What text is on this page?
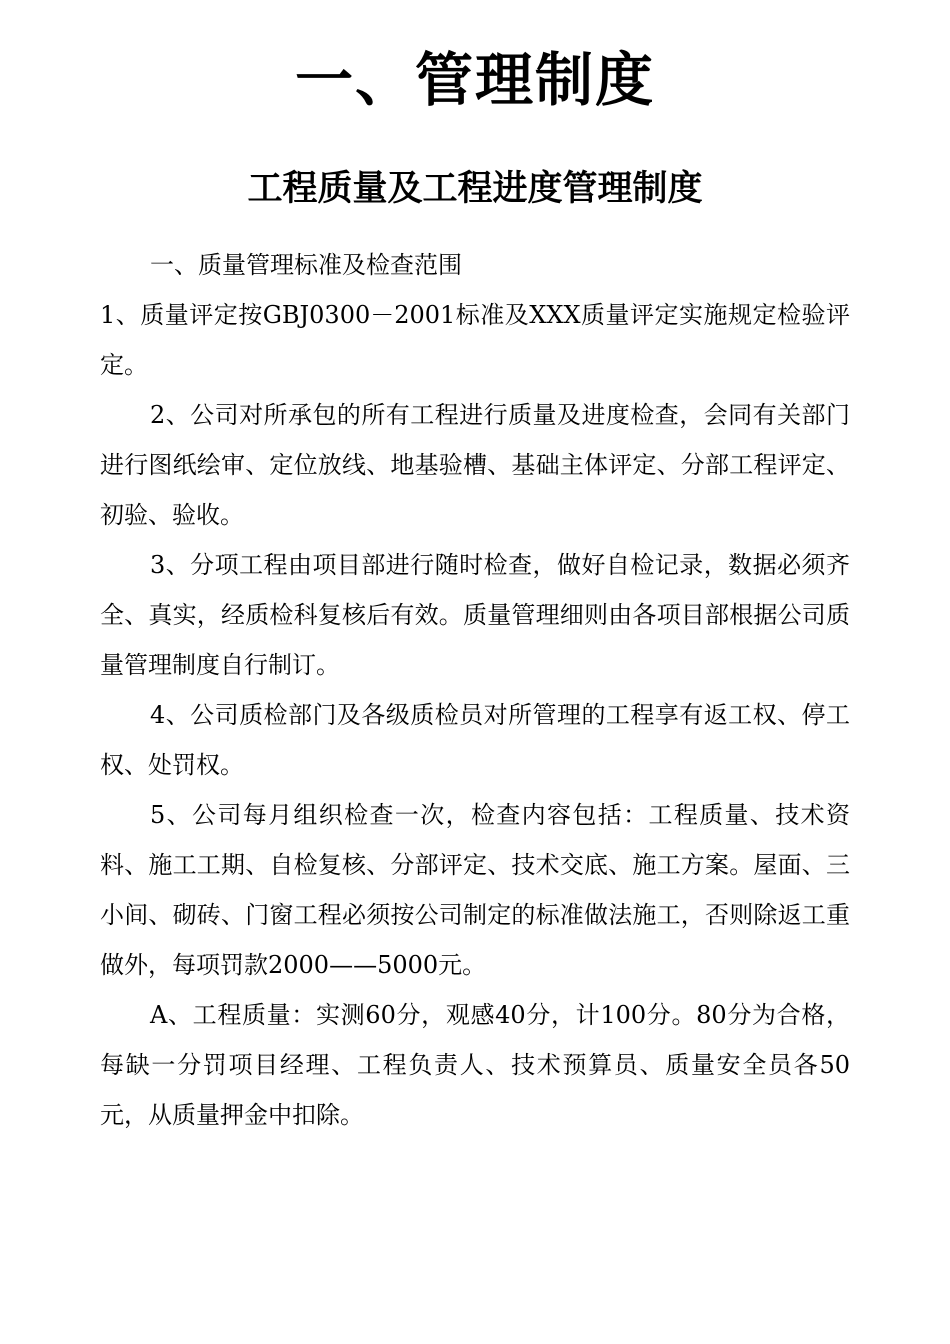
一、管理制度
工程质量及工程进度管理制度

一、质量管理标准及检查范围

1、质量评定按GBJ0300－2001标准及XXX质量评定实施规定检验评定。

2、公司对所承包的所有工程进行质量及进度检查，会同有关部门进行图纸绘审、定位放线、地基验槽、基础主体评定、分部工程评定、初验、验收。

3、分项工程由项目部进行随时检查，做好自检记录，数据必须齐全、真实，经质检科复核后有效。质量管理细则由各项目部根据公司质量管理制度自行制订。

4、公司质检部门及各级质检员对所管理的工程享有返工权、停工权、处罚权。

5、公司每月组织检查一次，检查内容包括：工程质量、技术资料、施工工期、自检复核、分部评定、技术交底、施工方案。屋面、三小间、砌砖、门窗工程必须按公司制定的标准做法施工，否则除返工重做外，每项罚款2000——5000元。

A、工程质量：实测60分，观感40分，计100分。80分为合格，每缺一分罚项目经理、工程负责人、技术预算员、质量安全员各50元，从质量押金中扣除。
